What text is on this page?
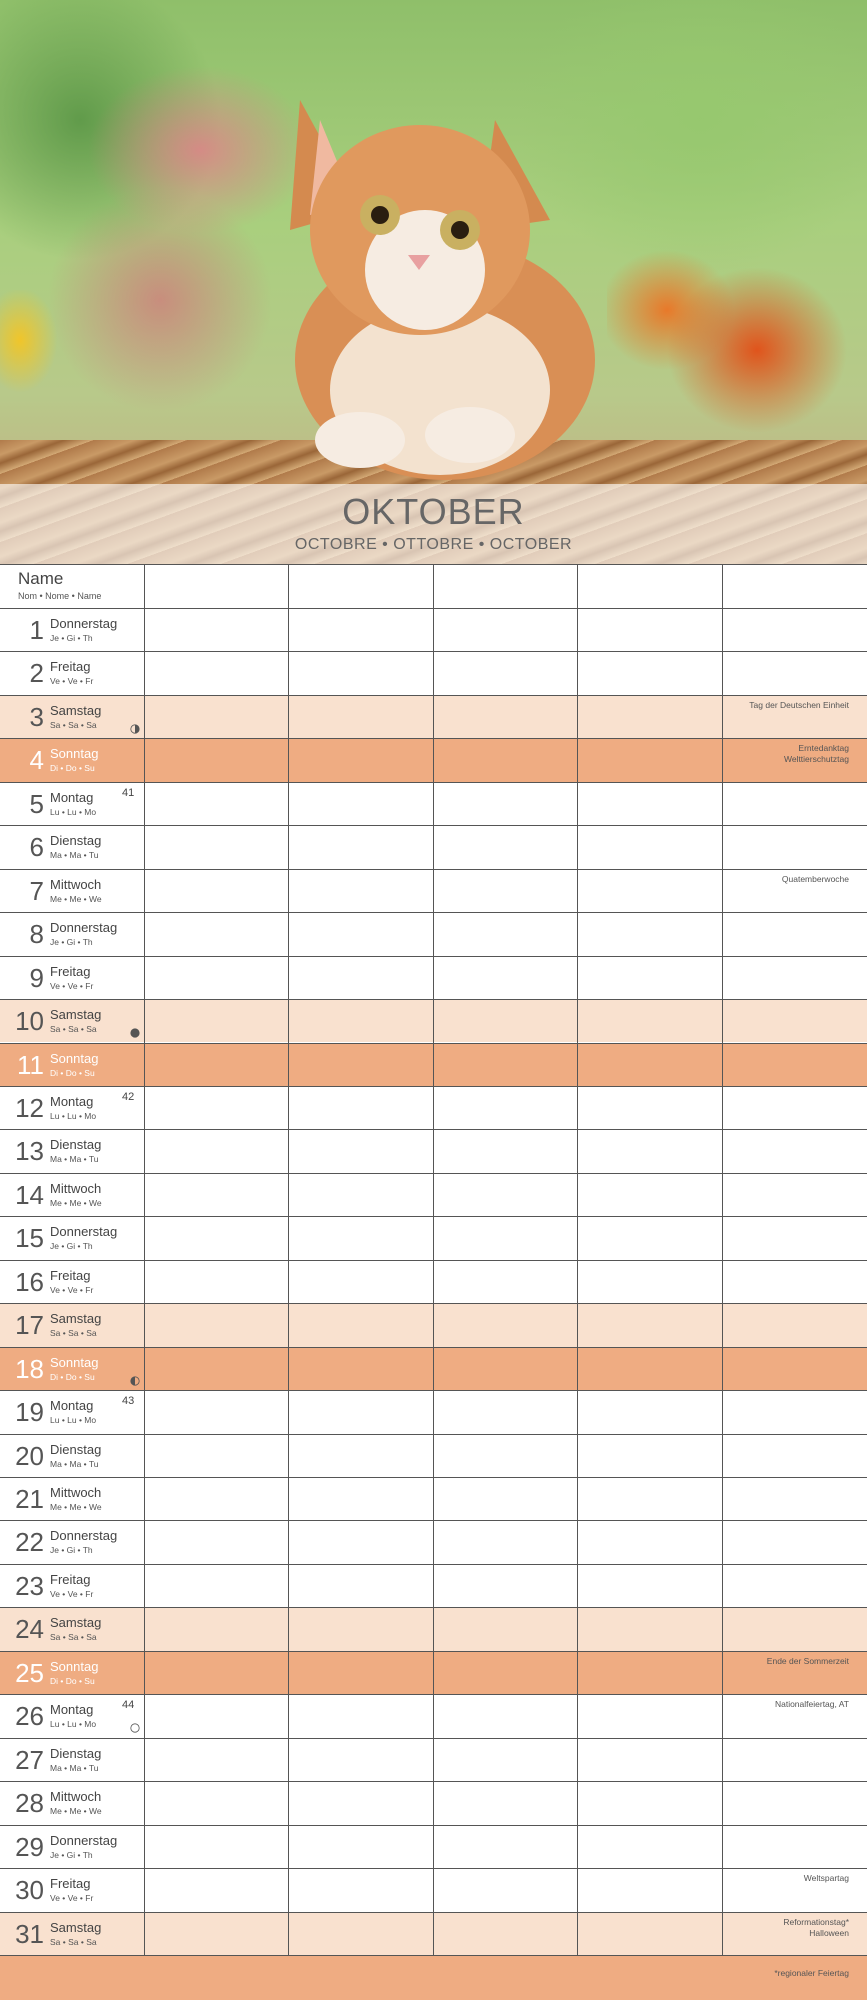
OKTOBER
OCTOBRE • OTTOBRE • OCTOBER
Name
Nom • Nome • Name
1 Donnerstag
Je • Gi • Th
2 Freitag
Ve • Ve • Fr
3 Samstag
Sa • Sa • Sa
Tag der Deutschen Einheit
4 Sonntag
Di • Do • Su
Erntedanktag
Welttierschutztag
5 Montag
Lu • Lu • Mo
41
6 Dienstag
Ma • Ma • Tu
7 Mittwoch
Me • Me • We
Quatemberwoche
8 Donnerstag
Je • Gi • Th
9 Freitag
Ve • Ve • Fr
10 Samstag
Sa • Sa • Sa
11 Sonntag
Di • Do • Su
12 Montag
Lu • Lu • Mo
42
13 Dienstag
Ma • Ma • Tu
14 Mittwoch
Me • Me • We
15 Donnerstag
Je • Gi • Th
16 Freitag
Ve • Ve • Fr
17 Samstag
Sa • Sa • Sa
18 Sonntag
Di • Do • Su
19 Montag
Lu • Lu • Mo
43
20 Dienstag
Ma • Ma • Tu
21 Mittwoch
Me • Me • We
22 Donnerstag
Je • Gi • Th
23 Freitag
Ve • Ve • Fr
24 Samstag
Sa • Sa • Sa
25 Sonntag
Di • Do • Su
Ende der Sommerzeit
26 Montag
Lu • Lu • Mo
44	Nationalfeiertag, AT
27 Dienstag
Ma • Ma • Tu
28 Mittwoch
Me • Me • We
29 Donnerstag
Je • Gi • Th
30 Freitag
Ve • Ve • Fr
Weltspartag
31 Samstag
Sa • Sa • Sa
Reformationstag*
Halloween
*regionaler Feiertag
